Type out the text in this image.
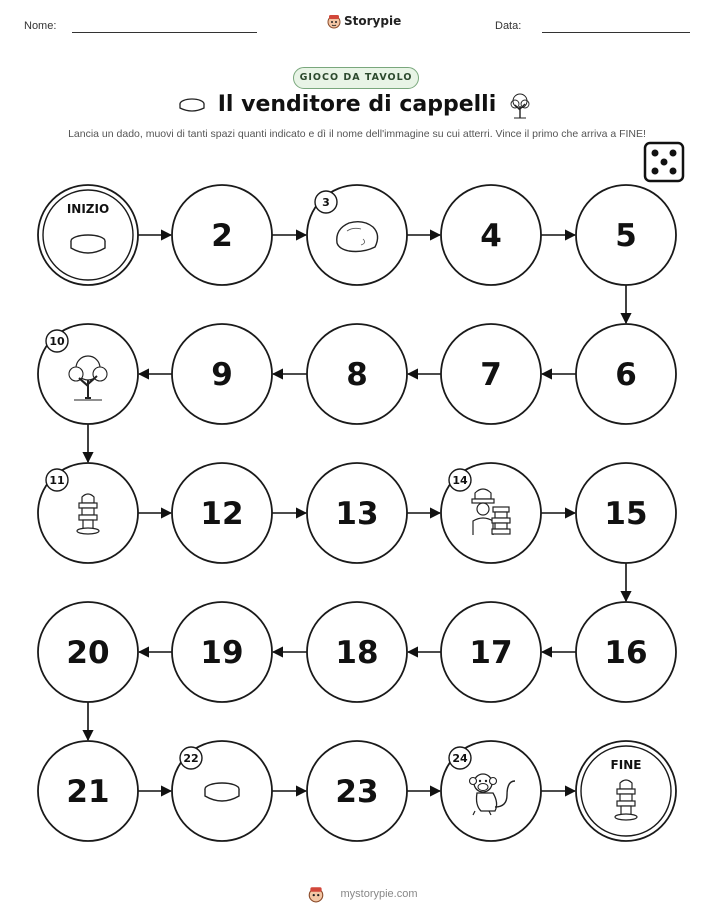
Nome:	Storypie	Data:
GIOCO DA TAVOLO
Il venditore di cappelli
Lancia un dado, muovi di tanti spazi quanti indicato e dì il nome dell'immagine su cui atterri. Vince il primo che arriva a FINE!
INIZIO
2
3
4	5
6
7
8
9
10
11
12	13
14
15
16
17
18
19
20
21
22
23
24	FINE
mystorypie.com
